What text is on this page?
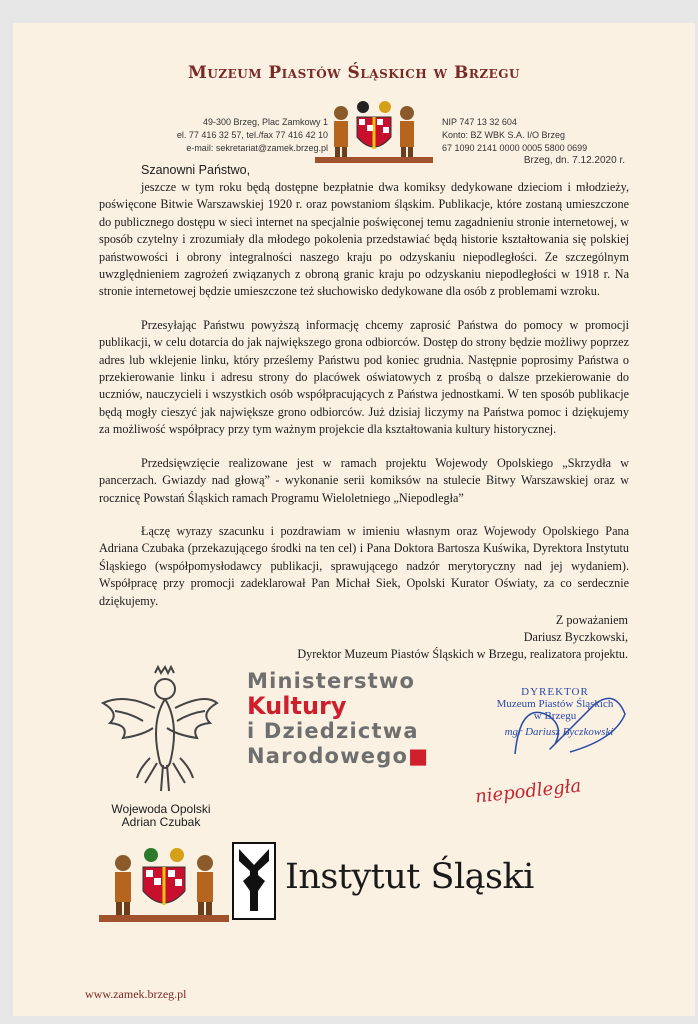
Muzeum Piastów Śląskich w Brzegu
49-300 Brzeg, Plac Zamkowy 1
el. 77 416 32 57, tel./fax 77 416 42 10
e-mail: sekretariat@zamek.brzeg.pl
NIP 747 13 32 604
Konto: BZ WBK S.A. I/O Brzeg
67 1090 2141 0000 0005 5800 0699
Brzeg, dn. 7.12.2020 r.
Szanowni Państwo,

jeszcze w tym roku będą dostępne bezpłatnie dwa komiksy dedykowane dzieciom i młodzieży, poświęcone Bitwie Warszawskiej 1920 r. oraz powstaniom śląskim. Publikacje, które zostaną umieszczone do publicznego dostępu w sieci internet na specjalnie poświęconej temu zagadnieniu stronie internetowej, w sposób czytelny i zrozumiały dla młodego pokolenia przedstawiać będą historie kształtowania się polskiej państwowości i obrony integralności naszego kraju po odzyskaniu niepodległości. Ze szczególnym uwzględnieniem zagrożeń związanych z obroną granic kraju po odzyskaniu niepodległości w 1918 r. Na stronie internetowej będzie umieszczone też słuchowisko dedykowane dla osób z problemami wzroku.

Przesyłając Państwu powyższą informację chcemy zaprosić Państwa do pomocy w promocji publikacji, w celu dotarcia do jak największego grona odbiorców. Dostęp do strony będzie możliwy poprzez adres lub wklejenie linku, który prześlemy Państwu pod koniec grudnia. Następnie poprosimy Państwa o przekierowanie linku i adresu strony do placówek oświatowych z prośbą o dalsze przekierowanie do uczniów, nauczycieli i wszystkich osób współpracujących z Państwa jednostkami. W ten sposób publikacje będą mogły cieszyć jak największe grono odbiorców. Już dzisiaj liczymy na Państwa pomoc i dziękujemy za możliwość współpracy przy tym ważnym projekcie dla kształtowania kultury historycznej.

Przedsięwzięcie realizowane jest w ramach projektu Wojewody Opolskiego „Skrzydła w pancerzach. Gwiazdy nad głową” - wykonanie serii komiksów na stulecie Bitwy Warszawskiej oraz w rocznicę Powstań Śląskich ramach Programu Wieloletniego „Niepodległa”

Łączę wyrazy szacunku i pozdrawiam w imieniu własnym oraz Wojewody Opolskiego Pana Adriana Czubaka (przekazującego środki na ten cel) i Pana Doktora Bartosza Kuświka, Dyrektora Instytutu Śląskiego (współpomysłodawcy publikacji, sprawującego nadzór merytoryczny nad jej wydaniem). Współpracę przy promocji zadeklarował Pan Michał Siek, Opolski Kurator Oświaty, za co serdecznie dziękujemy.

Z poważaniem
Dariusz Byczkowski,
Dyrektor Muzeum Piastów Śląskich w Brzegu, realizatora projektu.
Wojewoda Opolski
Adrian Czubak
Ministerstwo
Kultury
i Dziedzictwa
Narodowego■
DYREKTOR
Muzeum Piastów Śląskich
w Brzegu
mgr Dariusz Byczkowski
niepodległa
Instytut Śląski
www.zamek.brzeg.pl
